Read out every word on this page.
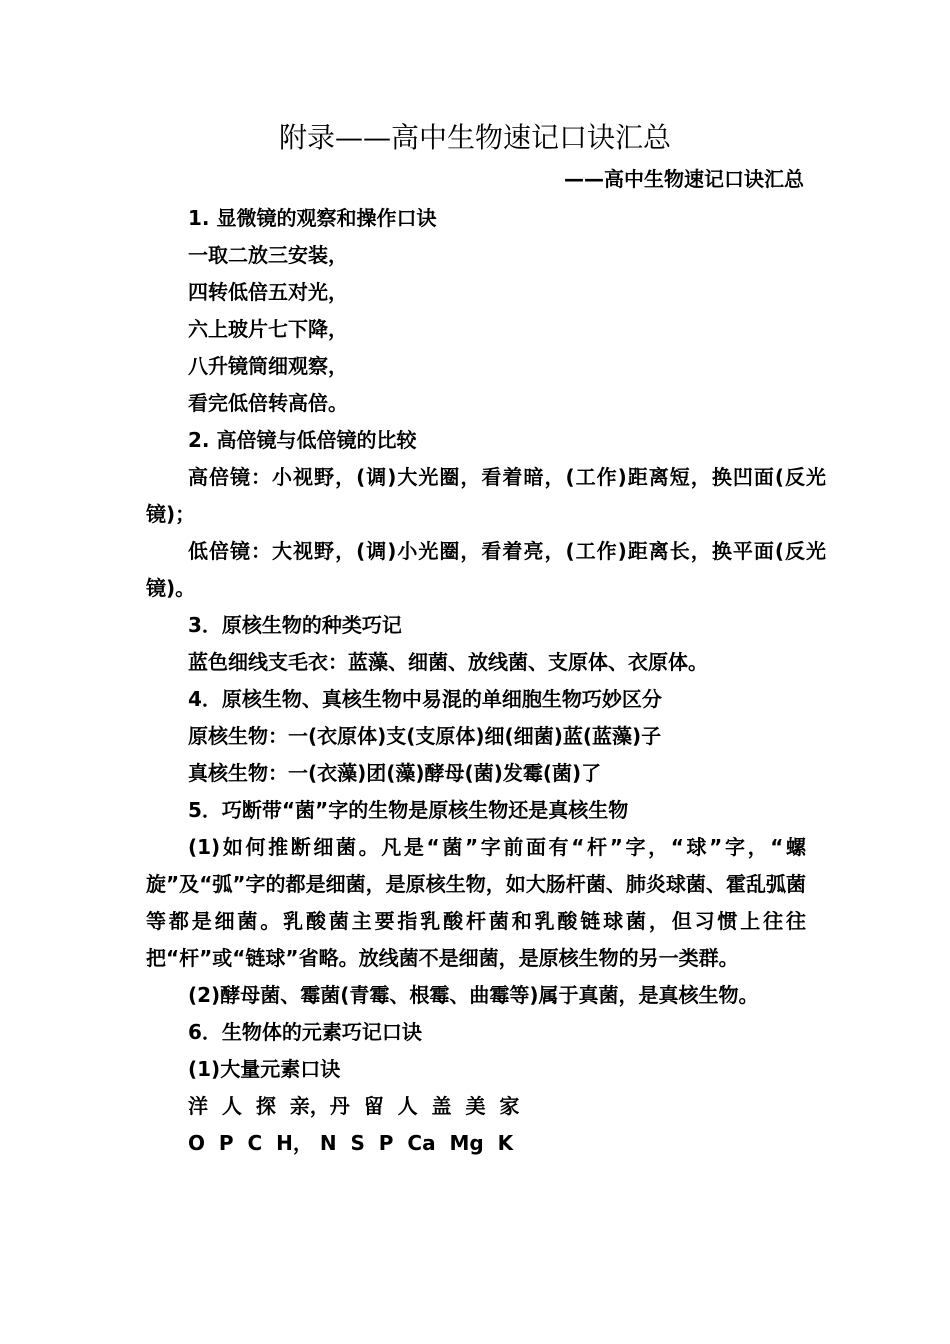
附录——高中生物速记口诀汇总
——高中生物速记口诀汇总

1. 显微镜的观察和操作口诀

一取二放三安装，

四转低倍五对光，

六上玻片七下降，

八升镜筒细观察，

看完低倍转高倍。

2. 高倍镜与低倍镜的比较

高倍镜：小视野，(调)大光圈，看着暗，(工作)距离短，换凹面(反光镜)；

低倍镜：大视野，(调)小光圈，看着亮，(工作)距离长，换平面(反光镜)。

3．原核生物的种类巧记

蓝色细线支毛衣：蓝藻、细菌、放线菌、支原体、衣原体。

4．原核生物、真核生物中易混的单细胞生物巧妙区分

原核生物：一(衣原体)支(支原体)细(细菌)蓝(蓝藻)子

真核生物：一(衣藻)团(藻)酵母(菌)发霉(菌)了

5．巧断带“菌”字的生物是原核生物还是真核生物

(1)如何推断细菌。凡是“菌”字前面有“杆”字，“球”字，“螺旋”及“弧”字的都是细菌，是原核生物，如大肠杆菌、肺炎球菌、霍乱弧菌等都是细菌。乳酸菌主要指乳酸杆菌和乳酸链球菌，但习惯上往往把“杆”或“链球”省略。放线菌不是细菌，是原核生物的另一类群。

(2)酵母菌、霉菌(青霉、根霉、曲霉等)属于真菌，是真核生物。

6．生物体的元素巧记口诀

(1)大量元素口诀

洋  人  探  亲，丹  留  人  盖  美  家

O  P  C  H， N  S  P  Ca  Mg  K
